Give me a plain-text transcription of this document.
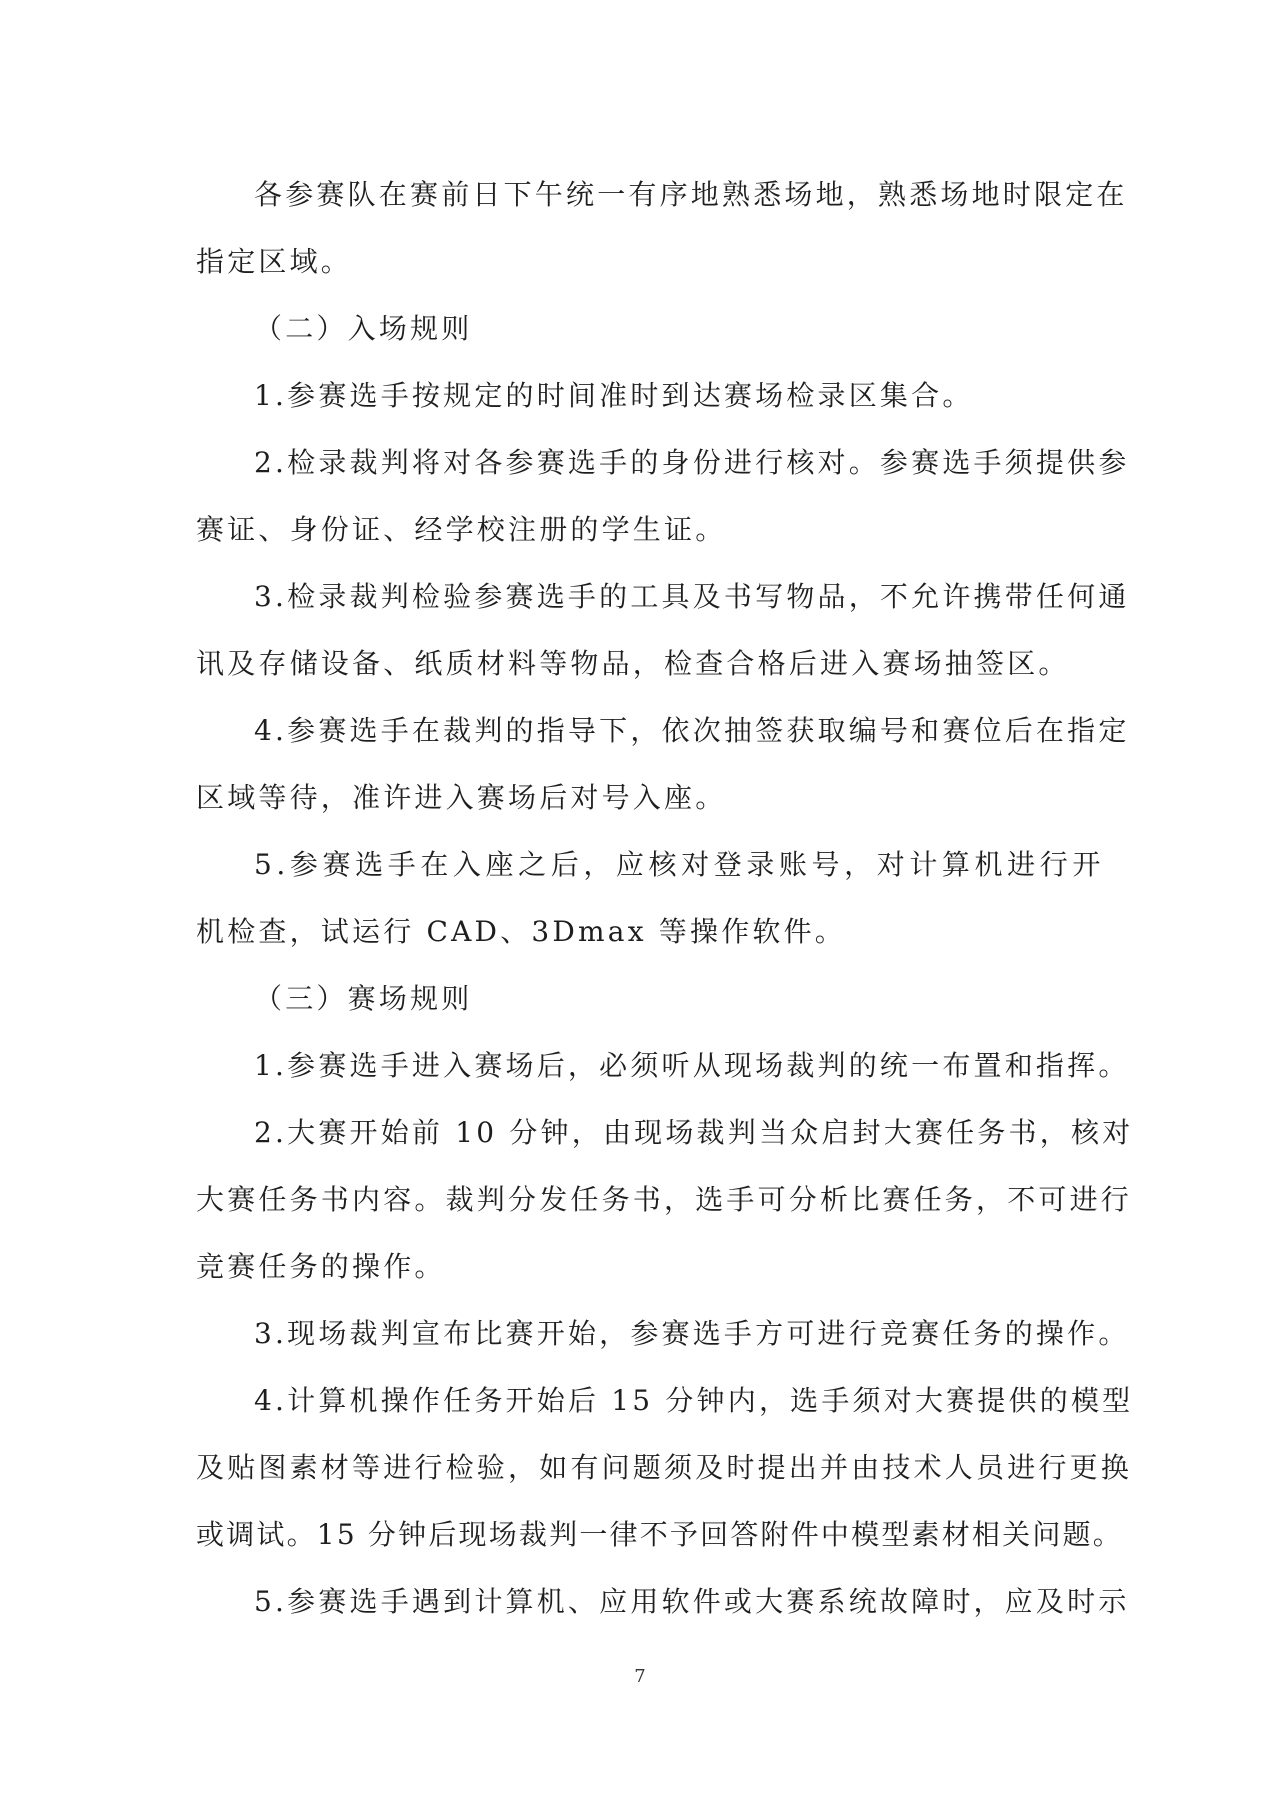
各参赛队在赛前日下午统一有序地熟悉场地，熟悉场地时限定在
指定区域。
（二）入场规则
1.参赛选手按规定的时间准时到达赛场检录区集合。
2.检录裁判将对各参赛选手的身份进行核对。参赛选手须提供参
赛证、身份证、经学校注册的学生证。
3.检录裁判检验参赛选手的工具及书写物品，不允许携带任何通
讯及存储设备、纸质材料等物品，检查合格后进入赛场抽签区。
4.参赛选手在裁判的指导下，依次抽签获取编号和赛位后在指定
区域等待，准许进入赛场后对号入座。
5.参赛选手在入座之后，应核对登录账号，对计算机进行开
机检查，试运行 CAD、3Dmax 等操作软件。
（三）赛场规则
1.参赛选手进入赛场后，必须听从现场裁判的统一布置和指挥。
2.大赛开始前 10 分钟，由现场裁判当众启封大赛任务书，核对
大赛任务书内容。裁判分发任务书，选手可分析比赛任务，不可进行
竞赛任务的操作。
3.现场裁判宣布比赛开始，参赛选手方可进行竞赛任务的操作。
4.计算机操作任务开始后 15 分钟内，选手须对大赛提供的模型
及贴图素材等进行检验，如有问题须及时提出并由技术人员进行更换
或调试。15 分钟后现场裁判一律不予回答附件中模型素材相关问题。
5.参赛选手遇到计算机、应用软件或大赛系统故障时，应及时示
7
